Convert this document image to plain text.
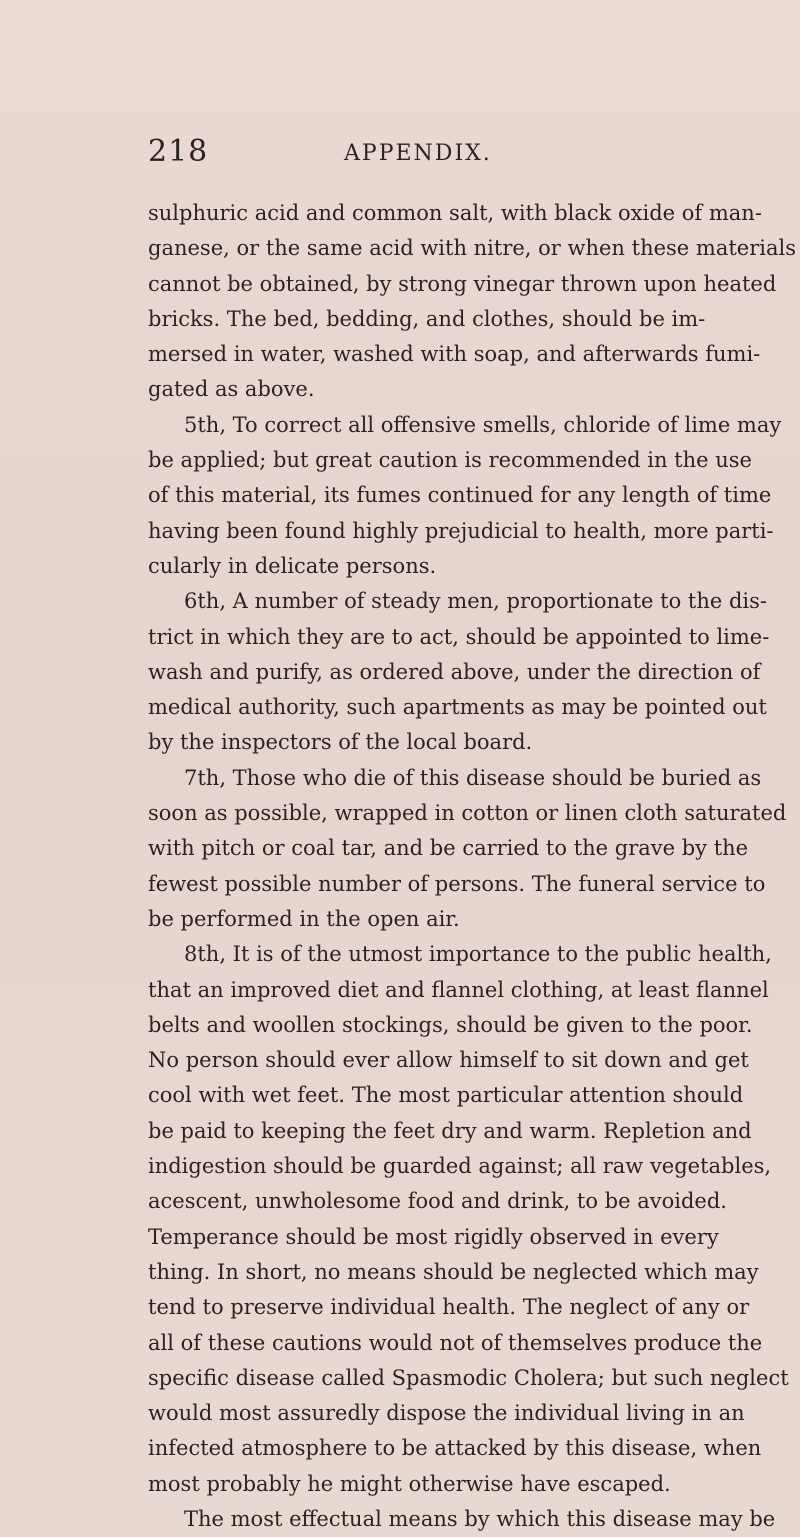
218	APPENDIX.
sulphuric acid and common salt, with black oxide of man-
ganese, or the same acid with nitre, or when these materials
cannot be obtained, by strong vinegar thrown upon heated
bricks. The bed, bedding, and clothes, should be im-
mersed in water, washed with soap, and afterwards fumi-
gated as above.
5th, To correct all offensive smells, chloride of lime may
be applied; but great caution is recommended in the use
of this material, its fumes continued for any length of time
having been found highly prejudicial to health, more parti-
cularly in delicate persons.
6th, A number of steady men, proportionate to the dis-
trict in which they are to act, should be appointed to lime-
wash and purify, as ordered above, under the direction of
medical authority, such apartments as may be pointed out
by the inspectors of the local board.
7th, Those who die of this disease should be buried as
soon as possible, wrapped in cotton or linen cloth saturated
with pitch or coal tar, and be carried to the grave by the
fewest possible number of persons. The funeral service to
be performed in the open air.
8th, It is of the utmost importance to the public health,
that an improved diet and flannel clothing, at least flannel
belts and woollen stockings, should be given to the poor.
No person should ever allow himself to sit down and get
cool with wet feet. The most particular attention should
be paid to keeping the feet dry and warm. Repletion and
indigestion should be guarded against; all raw vegetables,
acescent, unwholesome food and drink, to be avoided.
Temperance should be most rigidly observed in every
thing. In short, no means should be neglected which may
tend to preserve individual health. The neglect of any or
all of these cautions would not of themselves produce the
specific disease called Spasmodic Cholera; but such neglect
would most assuredly dispose the individual living in an
infected atmosphere to be attacked by this disease, when
most probably he might otherwise have escaped.
The most effectual means by which this disease may be
